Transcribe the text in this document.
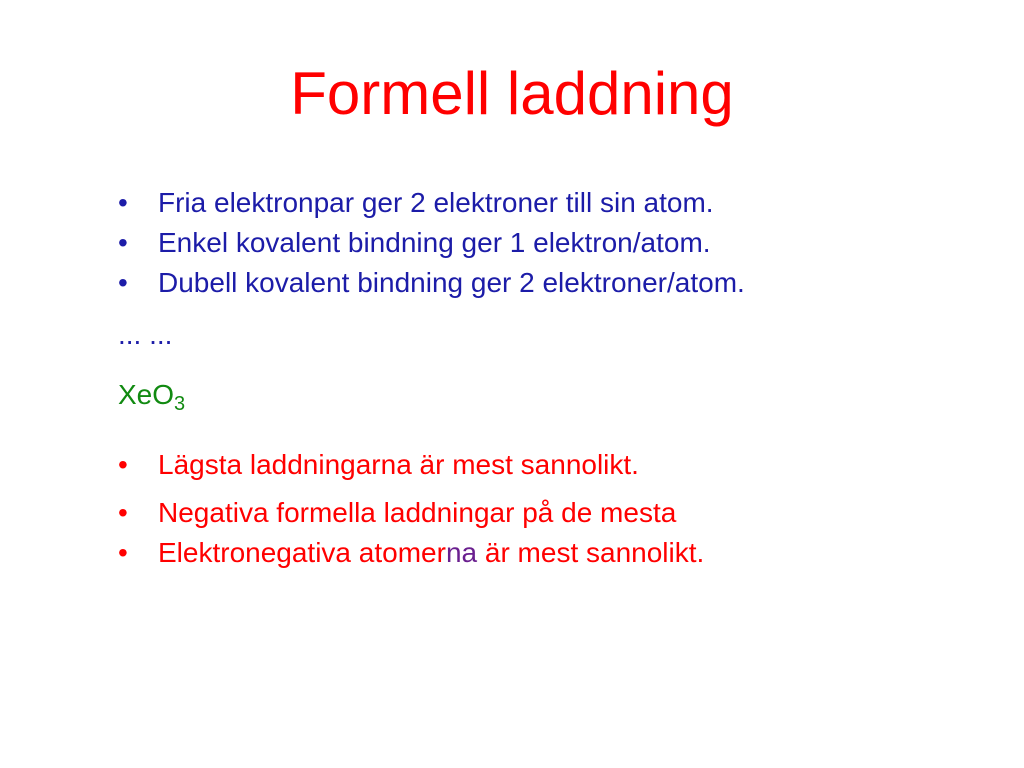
Formell laddning
•	Fria elektronpar ger 2 elektroner till sin atom.
•	Enkel kovalent bindning ger 1 elektron/atom.
•	Dubell kovalent bindning ger 2 elektroner/atom.
... ...
XeO$_3$
•	Lägsta laddningarna är mest sannolikt.
•	Negativa formella laddningar på de mesta
•	Elektronegativa atomerna är mest sannolikt.
